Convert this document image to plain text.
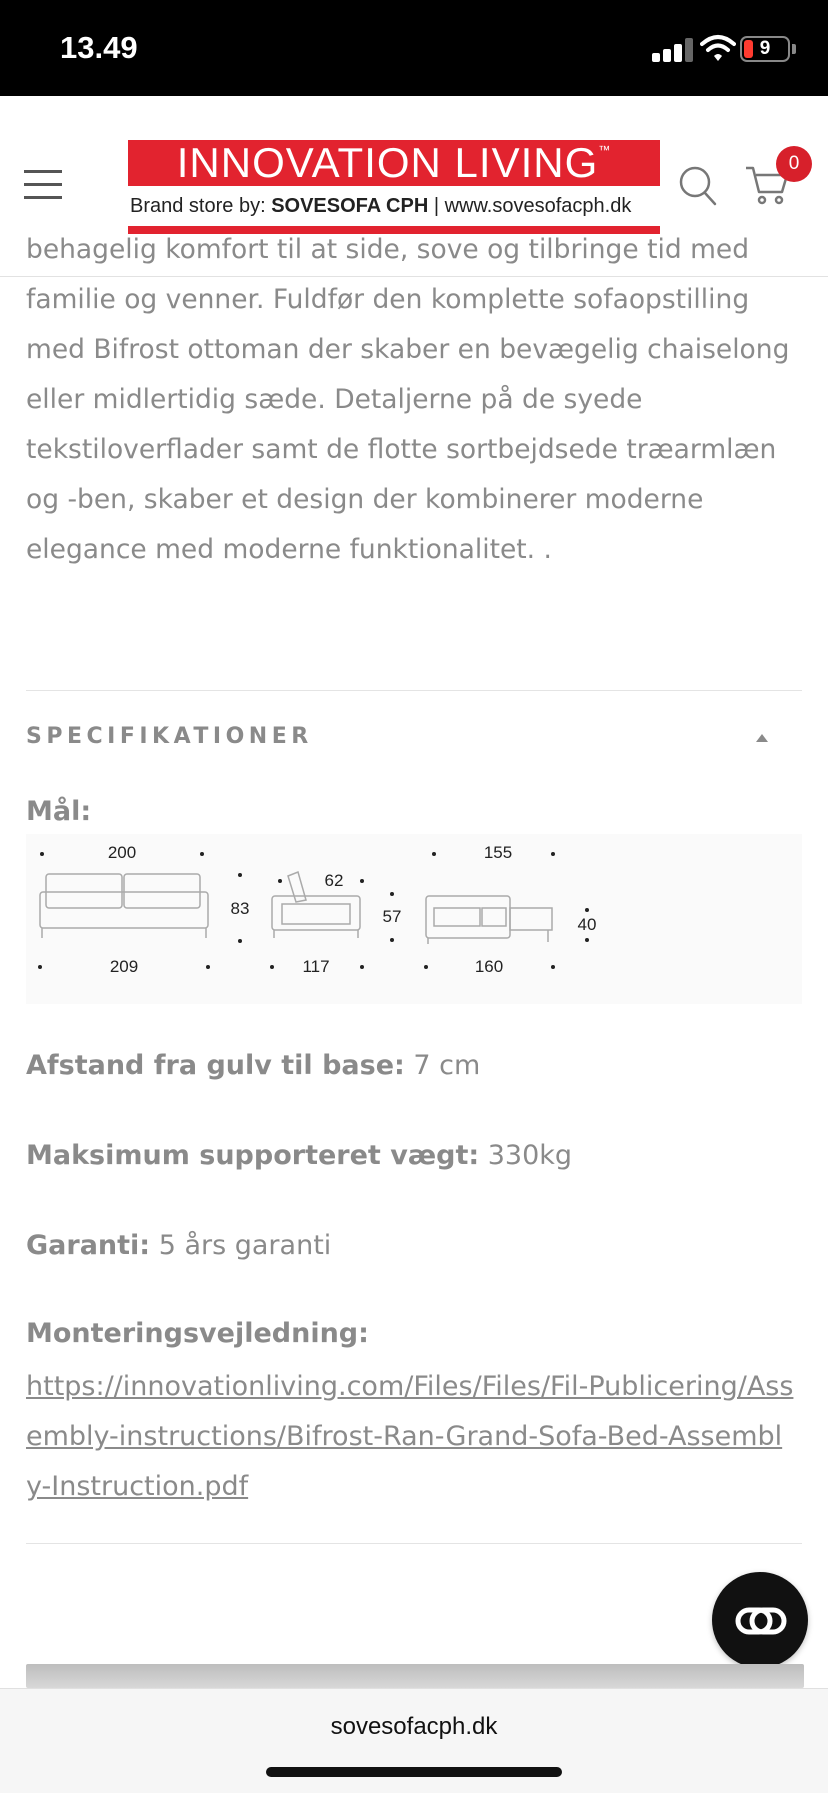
13.49	9
INNOVATION LIVING™
Brand store by: SOVESOFA CPH | www.sovesofacph.dk
0

behagelig komfort til at side, sove og tilbringe tid med familie og venner. Fuldfør den komplette sofaopstilling med Bifrost ottoman der skaber en bevægelig chaiselong eller midlertidig sæde. Detaljerne på de syede tekstiloverflader samt de flotte sortbejdsede træarmlæn og -ben, skaber et design der kombinerer moderne elegance med moderne funktionalitet. .

SPECIFIKATIONER
Mål:
200
83
209
62
57
117
155
40
160
Afstand fra gulv til base: 7 cm
Maksimum supporteret vægt: 330kg
Garanti: 5 års garanti
Monteringsvejledning:
https://innovationliving.com/Files/Files/Fil-Publicering/Assembly-instructions/Bifrost-Ran-Grand-Sofa-Bed-Assembly-Instruction.pdf
sovesofacph.dk
